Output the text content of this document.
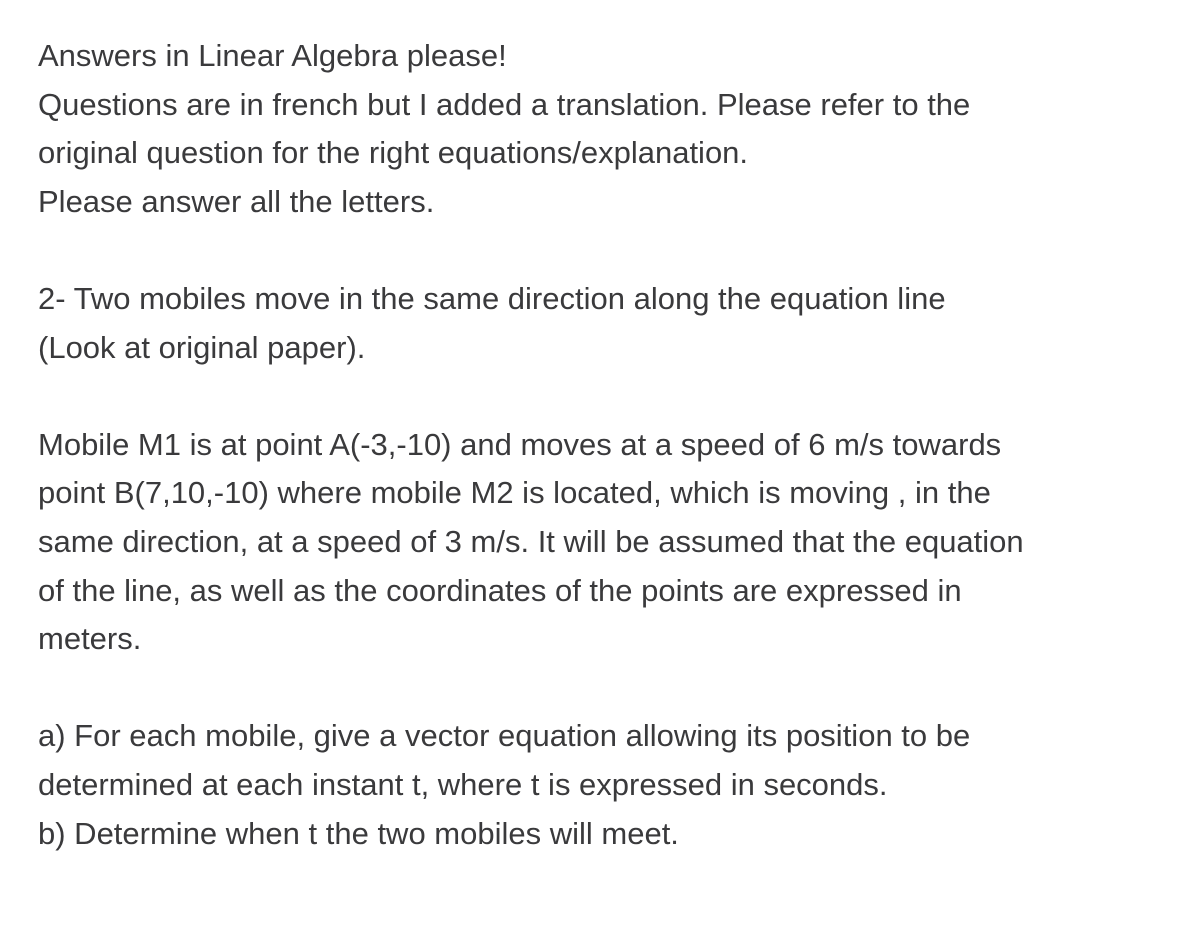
Answers in Linear Algebra please!
Questions are in french but I added a translation. Please refer to the
original question for the right equations/explanation.
Please answer all the letters.

2- Two mobiles move in the same direction along the equation line
(Look at original paper).

Mobile M1 is at point A(-3,-10) and moves at a speed of 6 m/s towards
point B(7,10,-10) where mobile M2 is located, which is moving , in the
same direction, at a speed of 3 m/s. It will be assumed that the equation
of the line, as well as the coordinates of the points are expressed in
meters.

a) For each mobile, give a vector equation allowing its position to be
determined at each instant t, where t is expressed in seconds.
b) Determine when t the two mobiles will meet.
